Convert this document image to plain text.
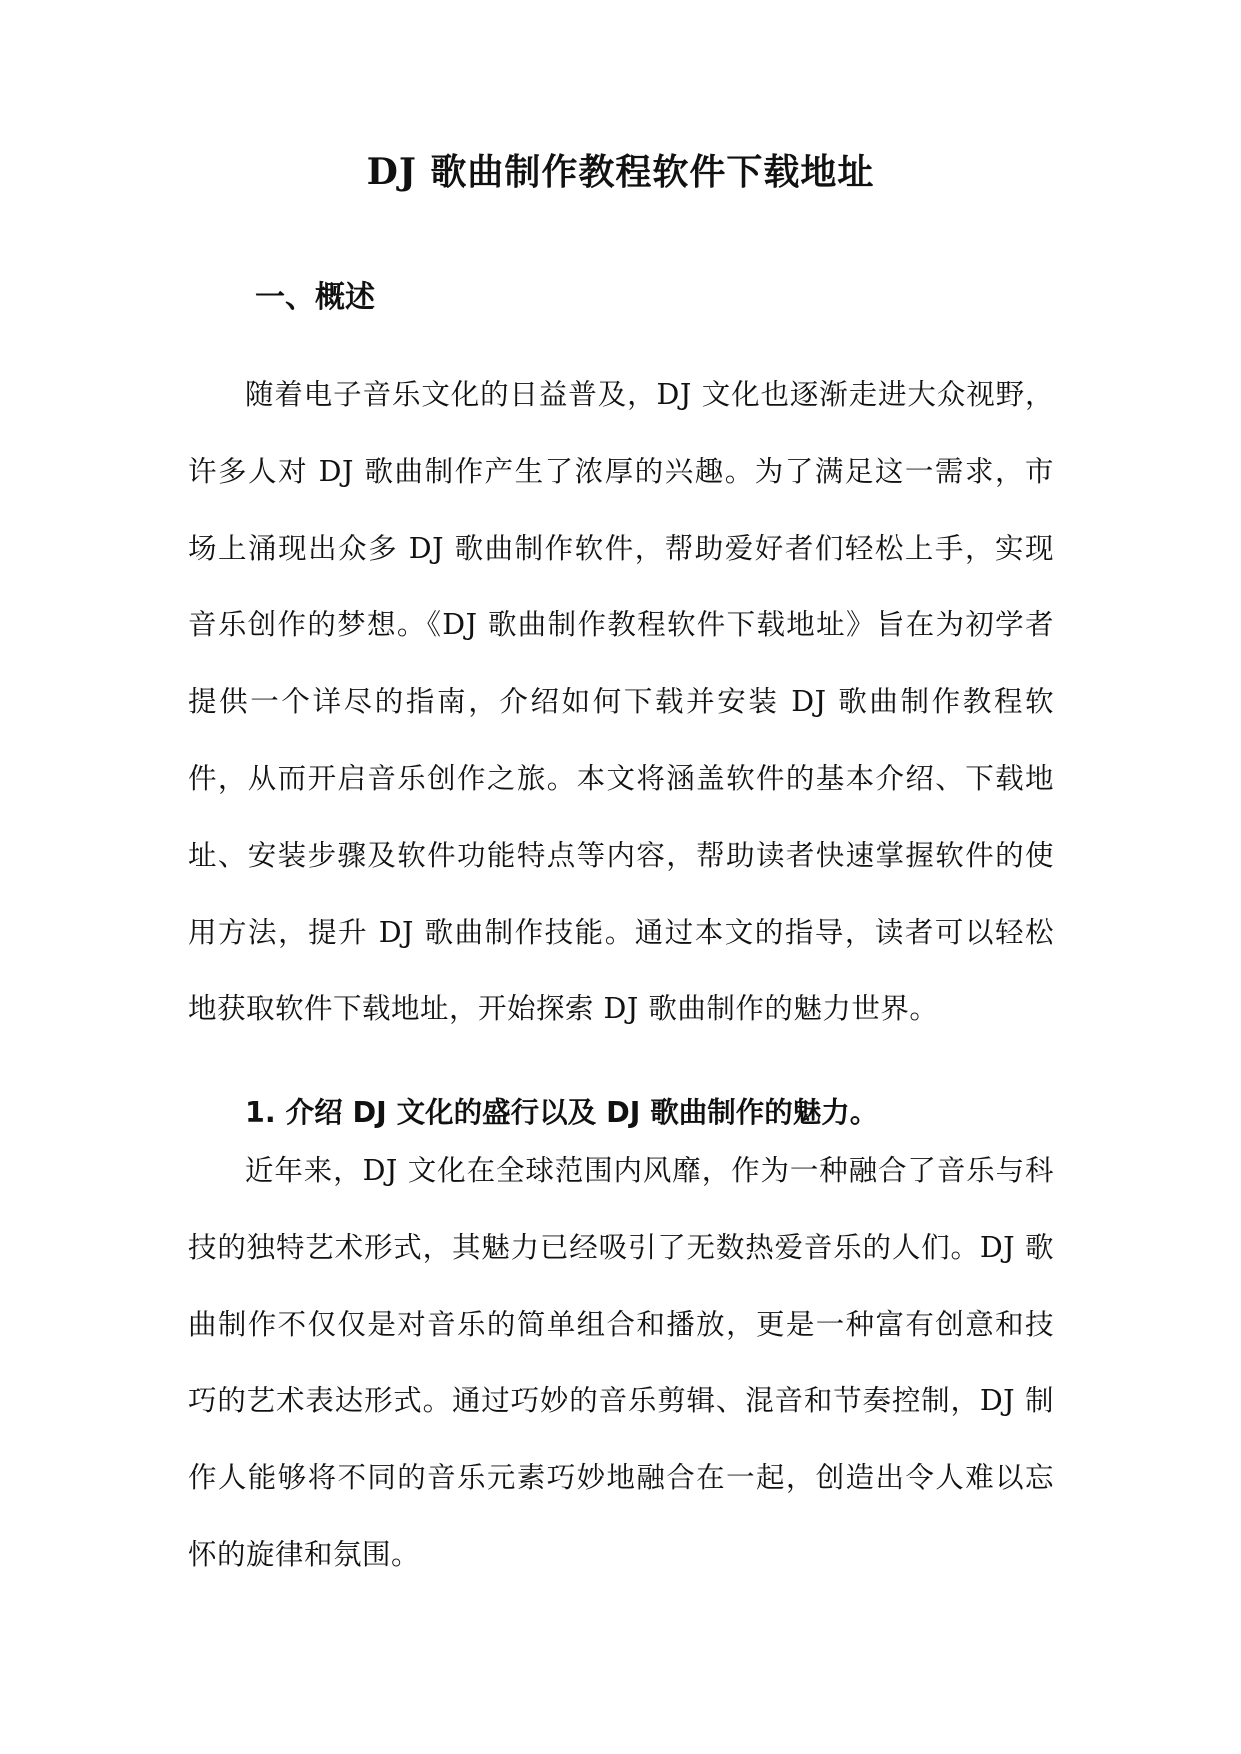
DJ 歌曲制作教程软件下载地址
一、概述

随着电子音乐文化的日益普及，DJ 文化也逐渐走进大众视野，许多人对 DJ 歌曲制作产生了浓厚的兴趣。为了满足这一需求，市场上涌现出众多 DJ 歌曲制作软件，帮助爱好者们轻松上手，实现音乐创作的梦想。《DJ 歌曲制作教程软件下载地址》旨在为初学者提供一个详尽的指南，介绍如何下载并安装 DJ 歌曲制作教程软件，从而开启音乐创作之旅。本文将涵盖软件的基本介绍、下载地址、安装步骤及软件功能特点等内容，帮助读者快速掌握软件的使用方法，提升 DJ 歌曲制作技能。通过本文的指导，读者可以轻松地获取软件下载地址，开始探索 DJ 歌曲制作的魅力世界。

1. 介绍 DJ 文化的盛行以及 DJ 歌曲制作的魅力。

近年来，DJ 文化在全球范围内风靡，作为一种融合了音乐与科技的独特艺术形式，其魅力已经吸引了无数热爱音乐的人们。DJ 歌曲制作不仅仅是对音乐的简单组合和播放，更是一种富有创意和技巧的艺术表达形式。通过巧妙的音乐剪辑、混音和节奏控制，DJ 制作人能够将不同的音乐元素巧妙地融合在一起，创造出令人难以忘怀的旋律和氛围。
